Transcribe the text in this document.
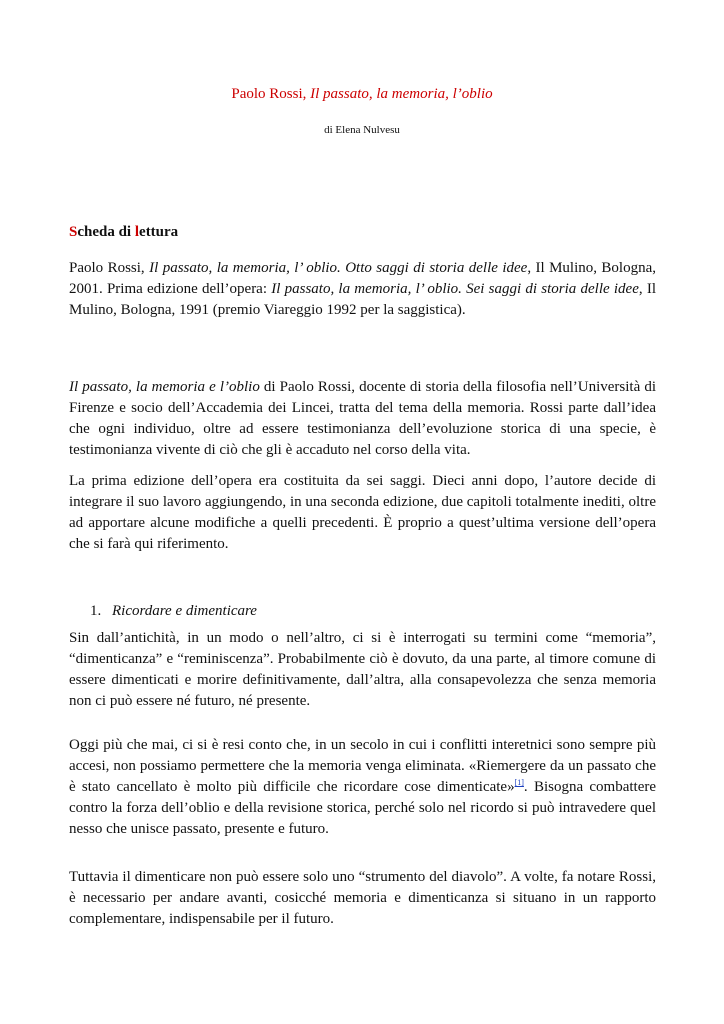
Paolo Rossi, Il passato, la memoria, l’oblio
di Elena Nulvesu
Scheda di lettura
Paolo Rossi, Il passato, la memoria, l’ oblio. Otto saggi di storia delle idee, Il Mulino, Bologna, 2001. Prima edizione dell’opera: Il passato, la memoria, l’ oblio. Sei saggi di storia delle idee, Il Mulino, Bologna, 1991 (premio Viareggio 1992 per la saggistica).
Il passato, la memoria e l’oblio di Paolo Rossi, docente di storia della filosofia nell’Università di Firenze e socio dell’Accademia dei Lincei, tratta del tema della memoria. Rossi parte dall’idea che ogni individuo, oltre ad essere testimonianza dell’evoluzione storica di una specie, è testimonianza vivente di ciò che gli è accaduto nel corso della vita.
La prima edizione dell’opera era costituita da sei saggi. Dieci anni dopo, l’autore decide di integrare il suo lavoro aggiungendo, in una seconda edizione, due capitoli totalmente inediti, oltre ad apportare alcune modifiche a quelli precedenti. È proprio a quest’ultima versione dell’opera che si farà qui riferimento.
1. Ricordare e dimenticare
Sin dall’antichità, in un modo o nell’altro, ci si è interrogati su termini come “memoria”, “dimenticanza” e “reminiscenza”. Probabilmente ciò è dovuto, da una parte, al timore comune di essere dimenticati e morire definitivamente, dall’altra, alla consapevolezza che senza memoria non ci può essere né futuro, né presente.
Oggi più che mai, ci si è resi conto che, in un secolo in cui i conflitti interetnici sono sempre più accesi, non possiamo permettere che la memoria venga eliminata. «Riemergere da un passato che è stato cancellato è molto più difficile che ricordare cose dimenticate»[1]. Bisogna combattere contro la forza dell’oblio e della revisione storica, perché solo nel ricordo si può intravedere quel nesso che unisce passato, presente e futuro.
Tuttavia il dimenticare non può essere solo uno “strumento del diavolo”. A volte, fa notare Rossi, è necessario per andare avanti, cosicché memoria e dimenticanza si situano in un rapporto complementare, indispensabile per il futuro.
